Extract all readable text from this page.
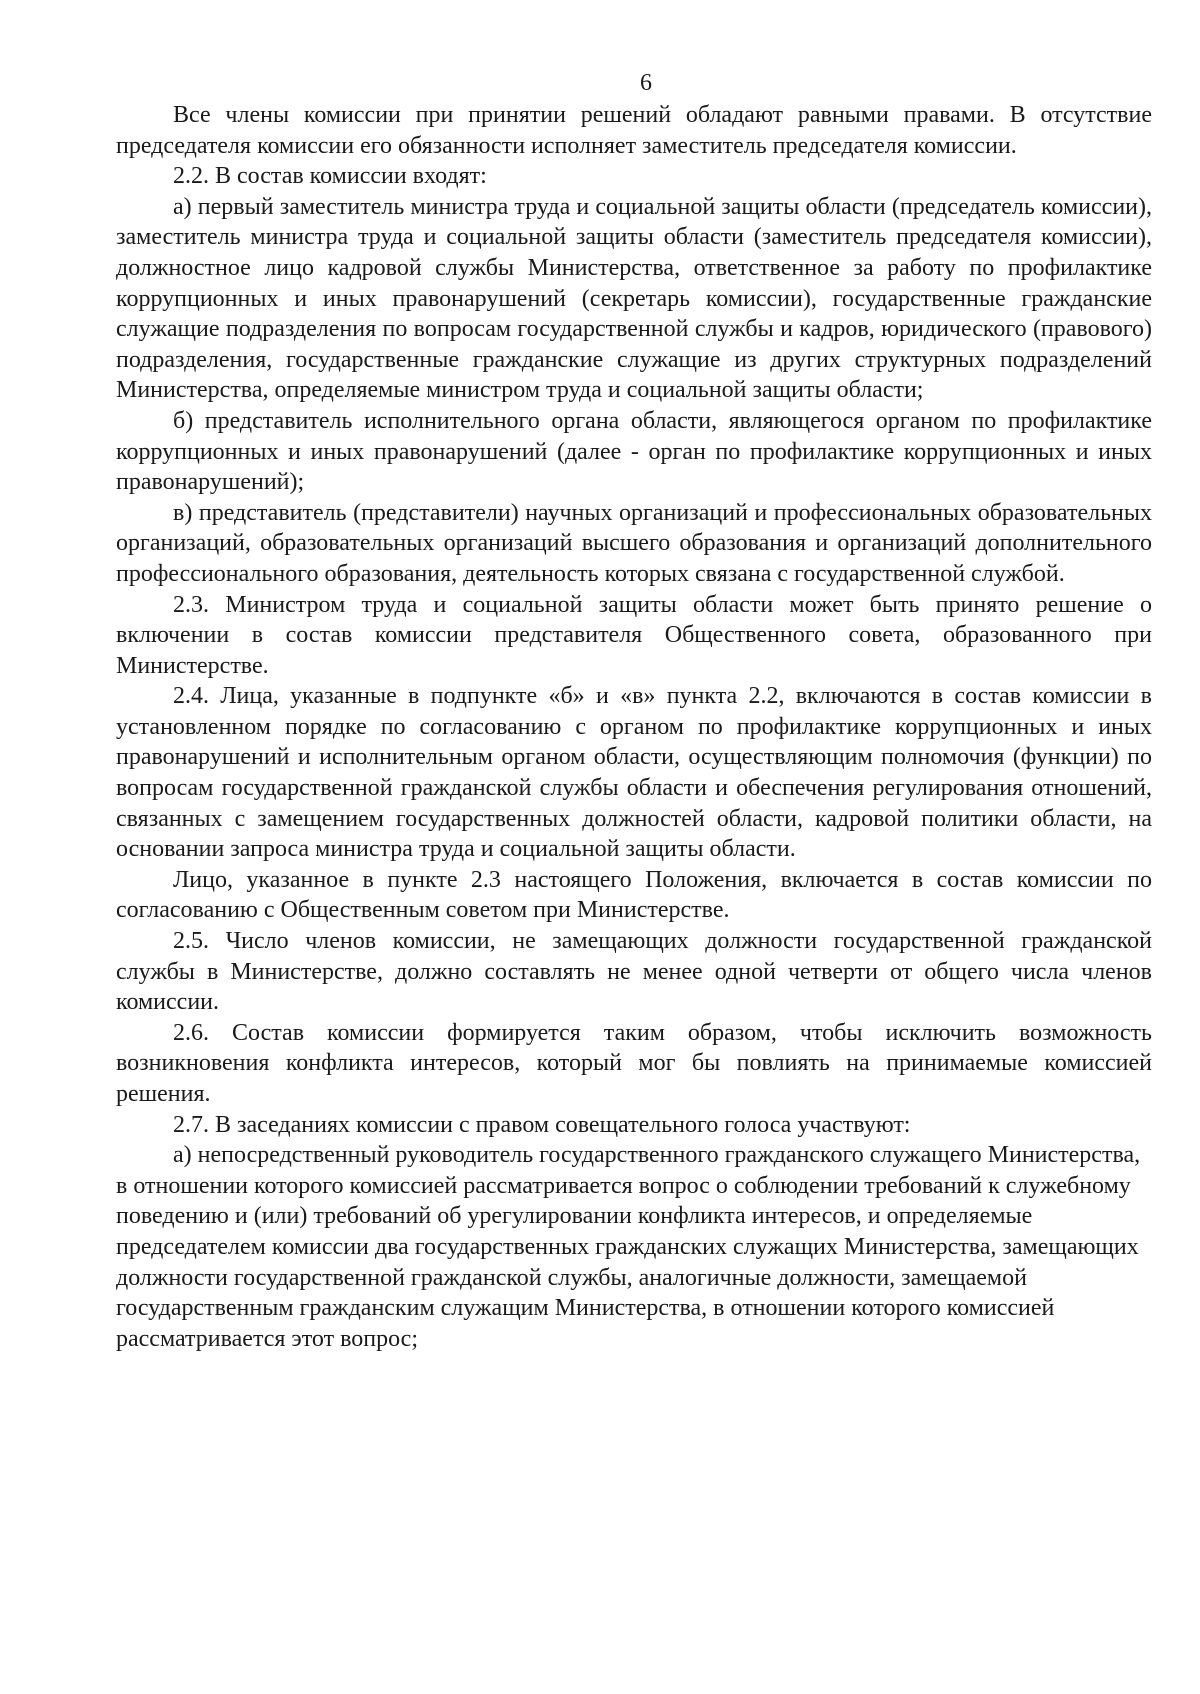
6

Все члены комиссии при принятии решений обладают равными правами. В отсутствие председателя комиссии его обязанности исполняет заместитель председателя комиссии.

2.2. В состав комиссии входят:

а) первый заместитель министра труда и социальной защиты области (председатель комиссии), заместитель министра труда и социальной защиты области (заместитель председателя комиссии), должностное лицо кадровой службы Министерства, ответственное за работу по профилактике коррупционных и иных правонарушений (секретарь комиссии), государственные гражданские служащие подразделения по вопросам государственной службы и кадров, юридического (правового) подразделения, государственные гражданские служащие из других структурных подразделений Министерства, определяемые министром труда и социальной защиты области;

б) представитель исполнительного органа области, являющегося органом по профилактике коррупционных и иных правонарушений (далее - орган по профилактике коррупционных и иных правонарушений);

в) представитель (представители) научных организаций и профессиональных образовательных организаций, образовательных организаций высшего образования и организаций дополнительного профессионального образования, деятельность которых связана с государственной службой.

2.3. Министром труда и социальной защиты области может быть принято решение о включении в состав комиссии представителя Общественного совета, образованного при Министерстве.

2.4. Лица, указанные в подпункте «б» и «в» пункта 2.2, включаются в состав комиссии в установленном порядке по согласованию с органом по профилактике коррупционных и иных правонарушений и исполнительным органом области, осуществляющим полномочия (функции) по вопросам государственной гражданской службы области и обеспечения регулирования отношений, связанных с замещением государственных должностей области, кадровой политики области, на основании запроса министра труда и социальной защиты области.

Лицо, указанное в пункте 2.3 настоящего Положения, включается в состав комиссии по согласованию с Общественным советом при Министерстве.

2.5. Число членов комиссии, не замещающих должности государственной гражданской службы в Министерстве, должно составлять не менее одной четверти от общего числа членов комиссии.

2.6. Состав комиссии формируется таким образом, чтобы исключить возможность возникновения конфликта интересов, который мог бы повлиять на принимаемые комиссией решения.

2.7. В заседаниях комиссии с правом совещательного голоса участвуют:

а) непосредственный руководитель государственного гражданского служащего Министерства, в отношении которого комиссией рассматривается вопрос о соблюдении требований к служебному поведению и (или) требований об урегулировании конфликта интересов, и определяемые председателем комиссии два государственных гражданских служащих Министерства, замещающих должности государственной гражданской службы, аналогичные должности, замещаемой государственным гражданским служащим Министерства, в отношении которого комиссией рассматривается этот вопрос;
